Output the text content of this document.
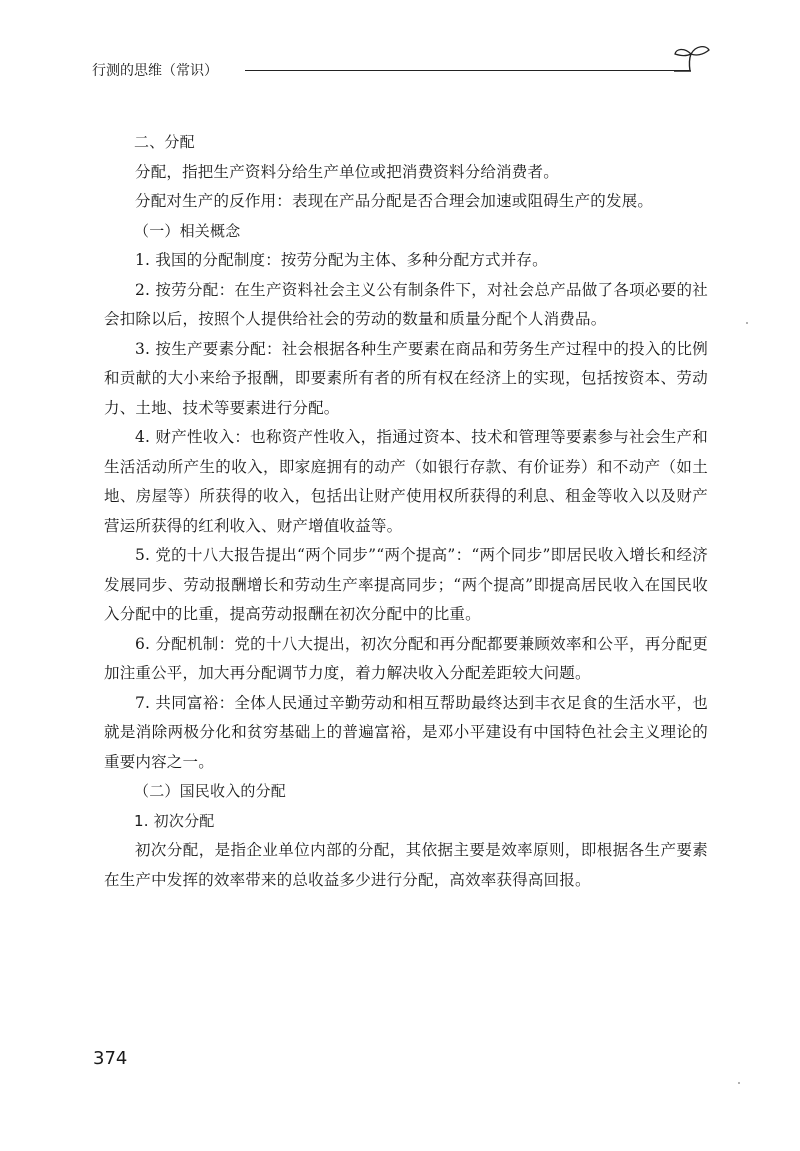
行测的思维（常识）

二、分配

分配，指把生产资料分给生产单位或把消费资料分给消费者。

分配对生产的反作用：表现在产品分配是否合理会加速或阻碍生产的发展。

（一）相关概念

1. 我国的分配制度：按劳分配为主体、多种分配方式并存。

2. 按劳分配：在生产资料社会主义公有制条件下，对社会总产品做了各项必要的社会扣除以后，按照个人提供给社会的劳动的数量和质量分配个人消费品。

3. 按生产要素分配：社会根据各种生产要素在商品和劳务生产过程中的投入的比例和贡献的大小来给予报酬，即要素所有者的所有权在经济上的实现，包括按资本、劳动力、土地、技术等要素进行分配。

4. 财产性收入：也称资产性收入，指通过资本、技术和管理等要素参与社会生产和生活活动所产生的收入，即家庭拥有的动产（如银行存款、有价证券）和不动产（如土地、房屋等）所获得的收入，包括出让财产使用权所获得的利息、租金等收入以及财产营运所获得的红利收入、财产增值收益等。

5. 党的十八大报告提出“两个同步”“两个提高”：“两个同步”即居民收入增长和经济发展同步、劳动报酬增长和劳动生产率提高同步；“两个提高”即提高居民收入在国民收入分配中的比重，提高劳动报酬在初次分配中的比重。

6. 分配机制：党的十八大提出，初次分配和再分配都要兼顾效率和公平，再分配更加注重公平，加大再分配调节力度，着力解决收入分配差距较大问题。

7. 共同富裕：全体人民通过辛勤劳动和相互帮助最终达到丰衣足食的生活水平，也就是消除两极分化和贫穷基础上的普遍富裕，是邓小平建设有中国特色社会主义理论的重要内容之一。

（二）国民收入的分配

1. 初次分配

初次分配，是指企业单位内部的分配，其依据主要是效率原则，即根据各生产要素在生产中发挥的效率带来的总收益多少进行分配，高效率获得高回报。

374
